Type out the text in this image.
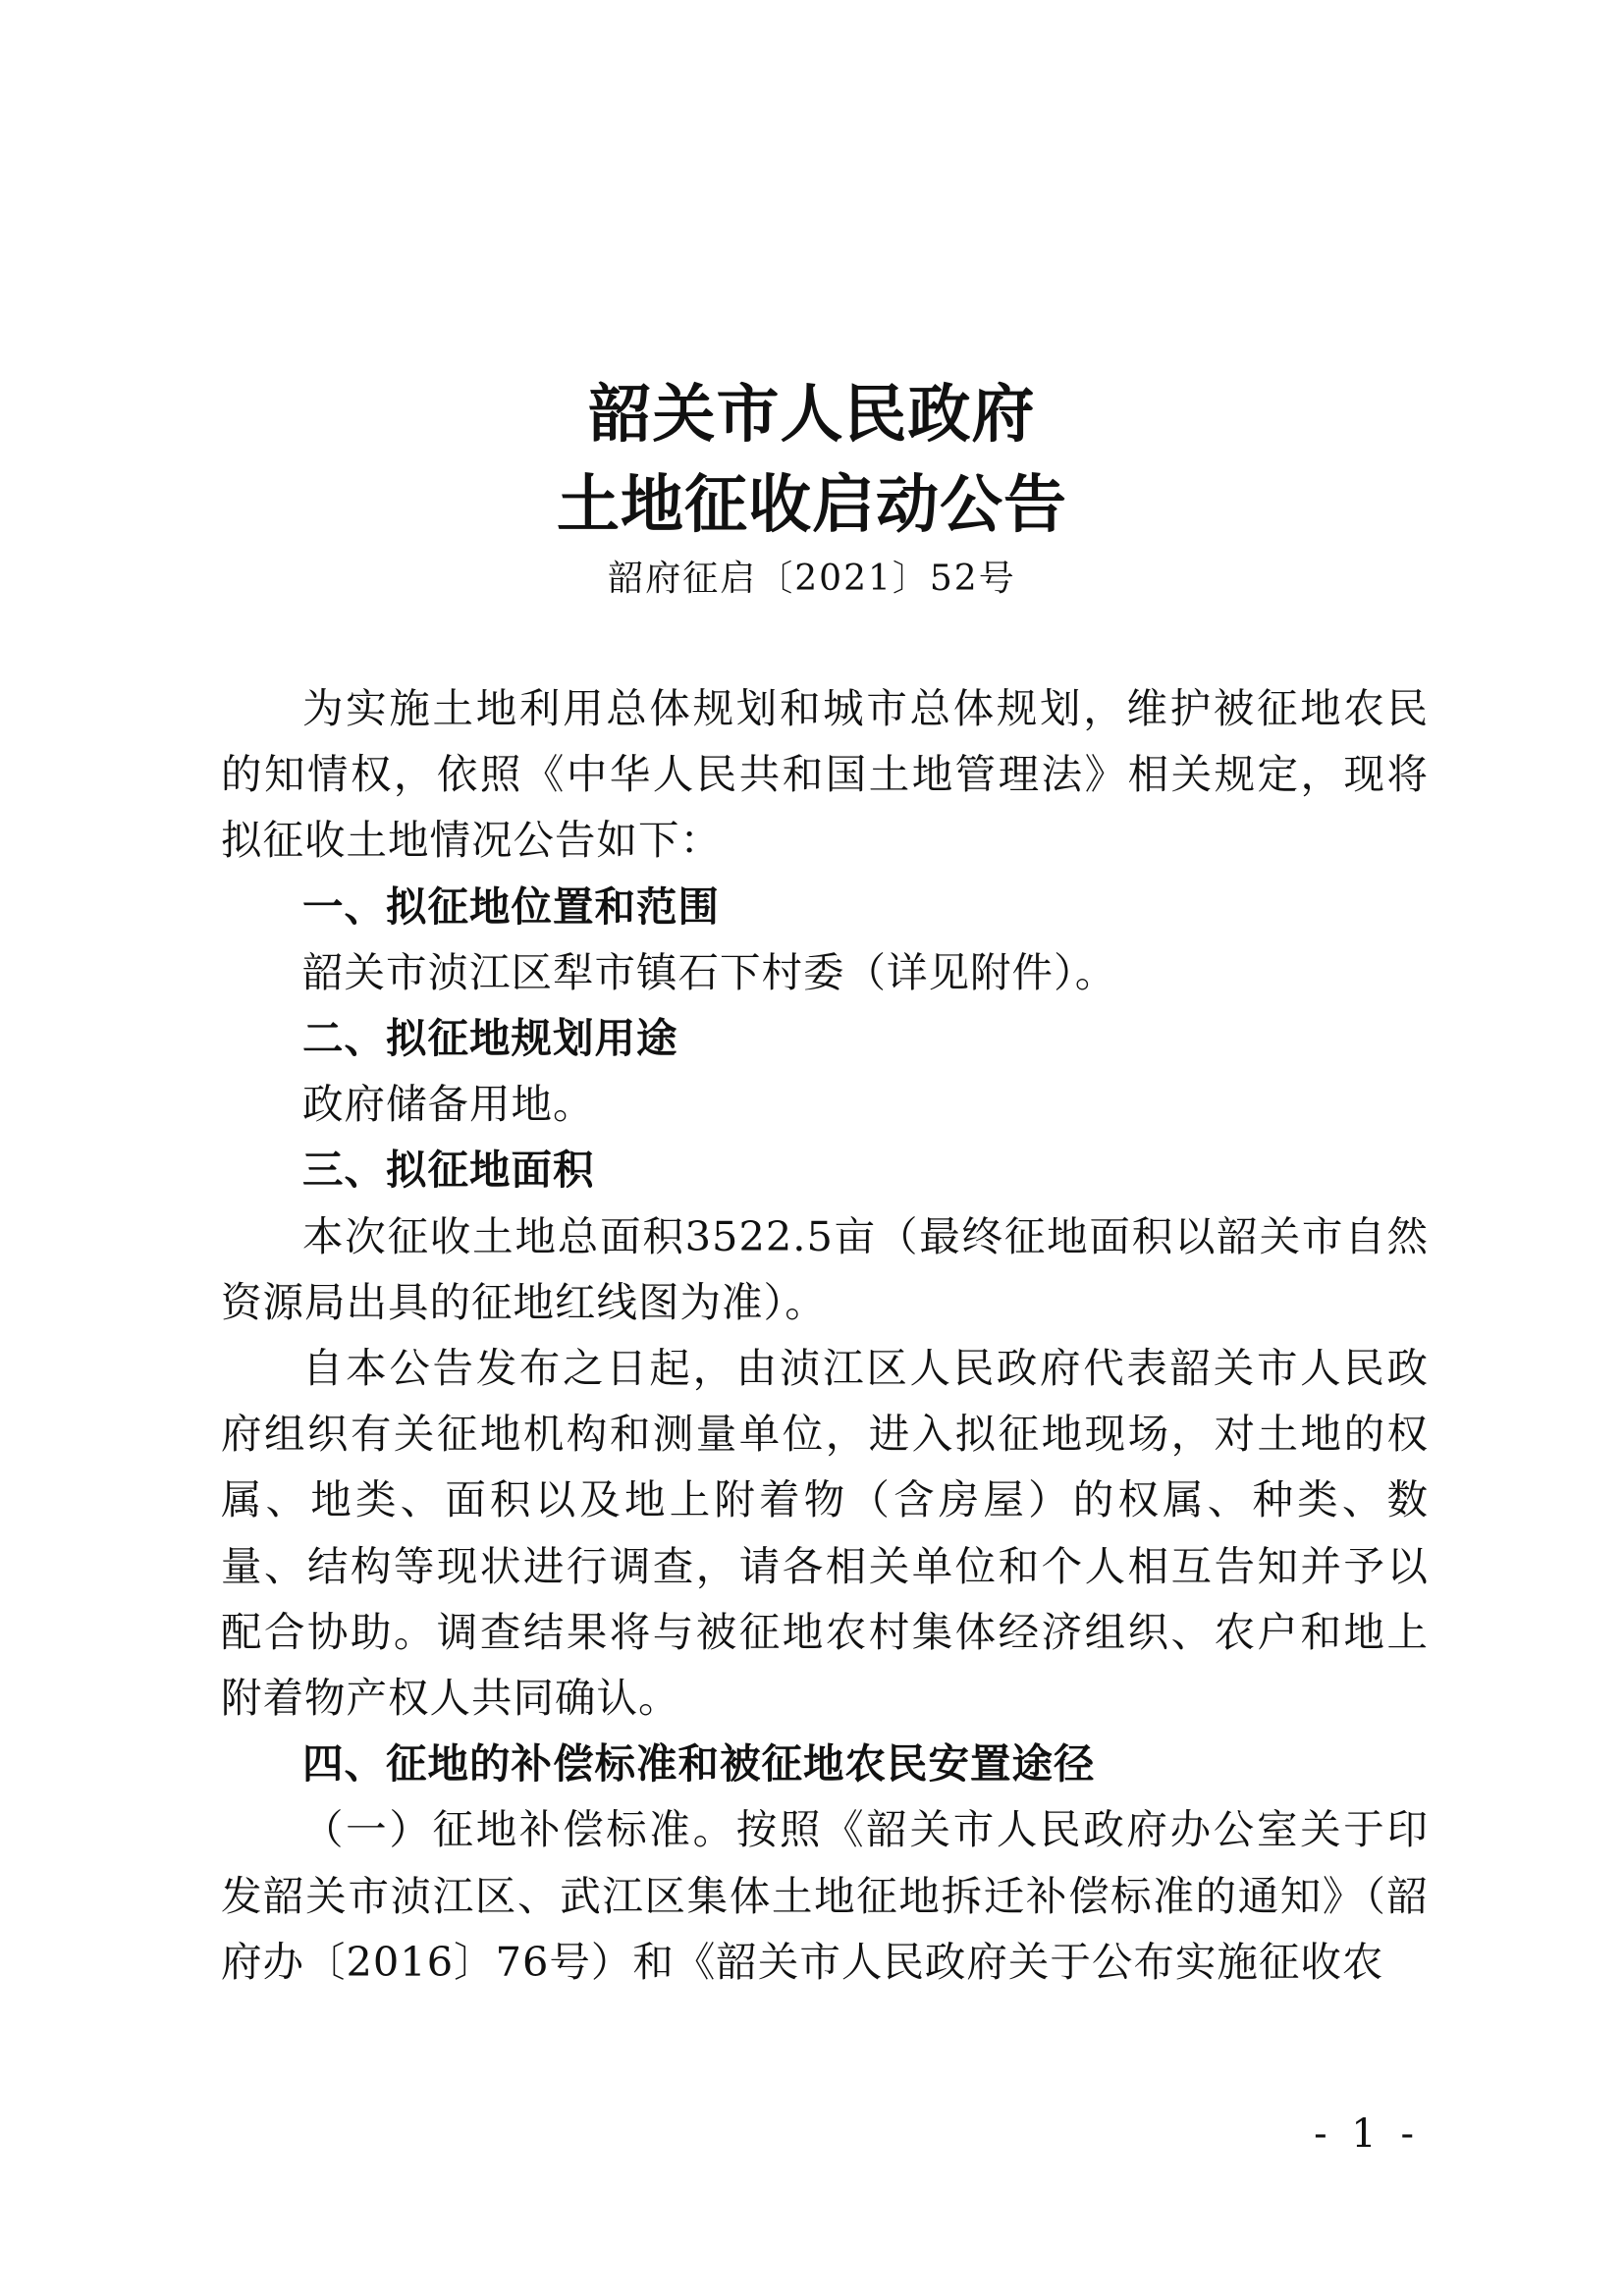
韶关市人民政府
土地征收启动公告
韶府征启〔2021〕52号

为实施土地利用总体规划和城市总体规划，维护被征地农民的知情权，依照《中华人民共和国土地管理法》相关规定，现将拟征收土地情况公告如下：

一、拟征地位置和范围

韶关市浈江区犁市镇石下村委（详见附件）。

二、拟征地规划用途

政府储备用地。

三、拟征地面积

本次征收土地总面积3522.5亩（最终征地面积以韶关市自然资源局出具的征地红线图为准）。

自本公告发布之日起，由浈江区人民政府代表韶关市人民政府组织有关征地机构和测量单位，进入拟征地现场，对土地的权属、地类、面积以及地上附着物（含房屋）的权属、种类、数量、结构等现状进行调查，请各相关单位和个人相互告知并予以配合协助。调查结果将与被征地农村集体经济组织、农户和地上附着物产权人共同确认。

四、征地的补偿标准和被征地农民安置途径

（一）征地补偿标准。按照《韶关市人民政府办公室关于印发韶关市浈江区、武江区集体土地征地拆迁补偿标准的通知》（韶府办〔2016〕76号）和《韶关市人民政府关于公布实施征收农

- 1 -
